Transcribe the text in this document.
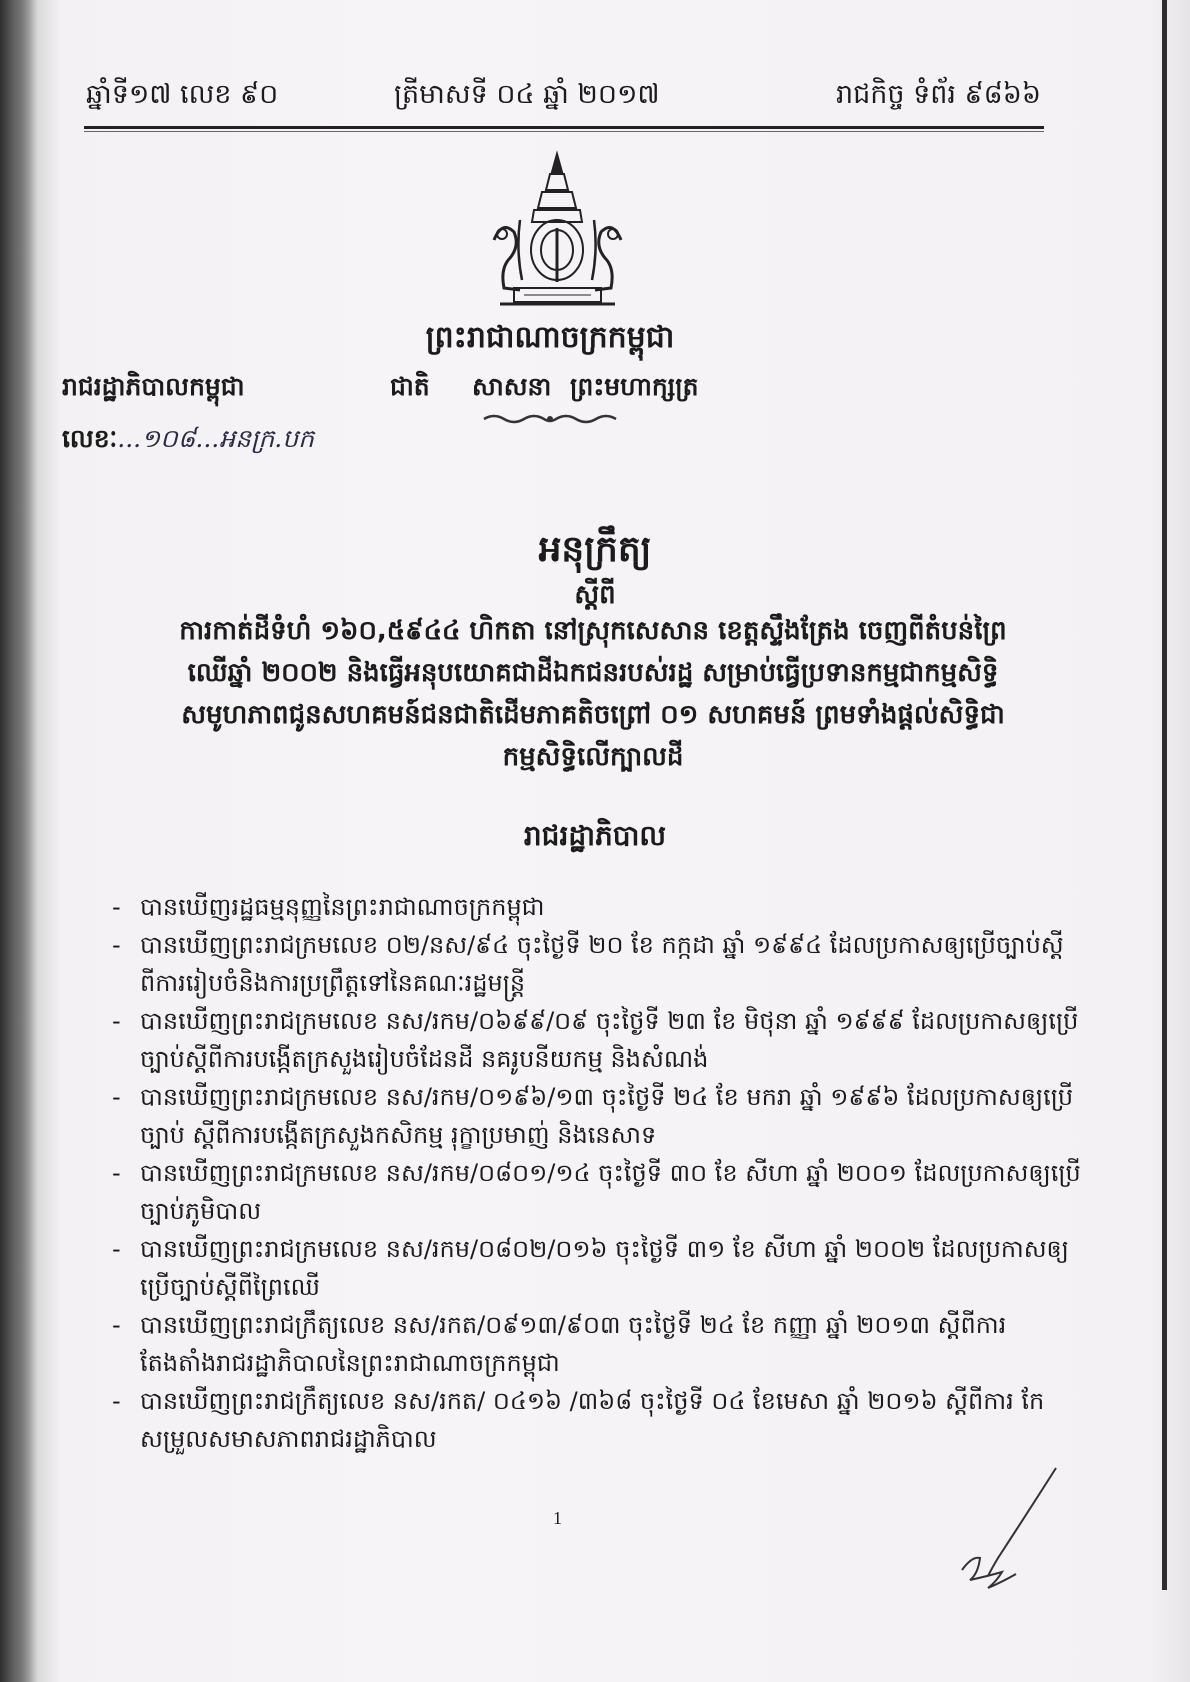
ឆ្នាំទី១៧ លេខ ៩០	ត្រីមាសទី ០៤ ឆ្នាំ ២០១៧	រាជកិច្ច ទំព័រ ៩៨៦៦
ព្រះរាជាណាចក្រកម្ពុជា
ជាតិ សាសនា ព្រះមហាក្សត្រ
រាជរដ្ឋាភិបាលកម្ពុជា
លេខៈ...១០៨...អនក្រ.បក
អនុក្រឹត្យ
ស្តីពី
ការកាត់ដីទំហំ ១៦០,៥៩៤៤ ហិកតា នៅស្រុកសេសាន ខេត្តស្ទឹងត្រែង ចេញពីតំបន់ព្រៃ
ឈើឆ្នាំ ២០០២ និងធ្វើអនុបយោគជាដីឯកជនរបស់រដ្ឋ សម្រាប់ធ្វើប្រទានកម្មជាកម្មសិទ្ធិ
សមូហភាពជូនសហគមន៍ជនជាតិដើមភាគតិចព្រៅ ០១ សហគមន៍ ព្រមទាំងផ្តល់សិទ្ធិជា
កម្មសិទ្ធិលើក្បាលដី
រាជរដ្ឋាភិបាល
- បានឃើញរដ្ឋធម្មនុញ្ញនៃព្រះរាជាណាចក្រកម្ពុជា
- បានឃើញព្រះរាជក្រមលេខ ០២/នស/៩៤ ចុះថ្ងៃទី ២០ ខែ កក្កដា ឆ្នាំ ១៩៩៤ ដែលប្រកាសឲ្យប្រើច្បាប់ស្តី
ពីការរៀបចំនិងការប្រព្រឹត្តទៅនៃគណៈរដ្ឋមន្ត្រី
- បានឃើញព្រះរាជក្រមលេខ នស/រកម/០៦៩៩/០៩ ចុះថ្ងៃទី ២៣ ខែ មិថុនា ឆ្នាំ ១៩៩៩ ដែលប្រកាសឲ្យប្រើ
ច្បាប់ស្តីពីការបង្កើតក្រសួងរៀបចំដែនដី នគរូបនីយកម្ម និងសំណង់
- បានឃើញព្រះរាជក្រមលេខ នស/រកម/០១៩៦/១៣ ចុះថ្ងៃទី ២៤ ខែ មករា ឆ្នាំ ១៩៩៦ ដែលប្រកាសឲ្យប្រើ
ច្បាប់ ស្តីពីការបង្កើតក្រសួងកសិកម្ម រុក្ខាប្រមាញ់ និងនេសាទ
- បានឃើញព្រះរាជក្រមលេខ នស/រកម/០៨០១/១៤ ចុះថ្ងៃទី ៣០ ខែ សីហា ឆ្នាំ ២០០១ ដែលប្រកាសឲ្យប្រើ
ច្បាប់ភូមិបាល
- បានឃើញព្រះរាជក្រមលេខ នស/រកម/០៨០២/០១៦ ចុះថ្ងៃទី ៣១ ខែ សីហា ឆ្នាំ ២០០២ ដែលប្រកាសឲ្យ
ប្រើច្បាប់ស្តីពីព្រៃឈើ
- បានឃើញព្រះរាជក្រឹត្យលេខ នស/រកត/០៩១៣/៩០៣ ចុះថ្ងៃទី ២៤ ខែ កញ្ញា ឆ្នាំ ២០១៣ ស្តីពីការ
តែងតាំងរាជរដ្ឋាភិបាលនៃព្រះរាជាណាចក្រកម្ពុជា
- បានឃើញព្រះរាជក្រឹត្យលេខ នស/រកត/ ០៤១៦ /៣៦៨ ចុះថ្ងៃទី ០៤ ខែមេសា ឆ្នាំ ២០១៦ ស្តីពីការ កែ
សម្រួលសមាសភាពរាជរដ្ឋាភិបាល
1
